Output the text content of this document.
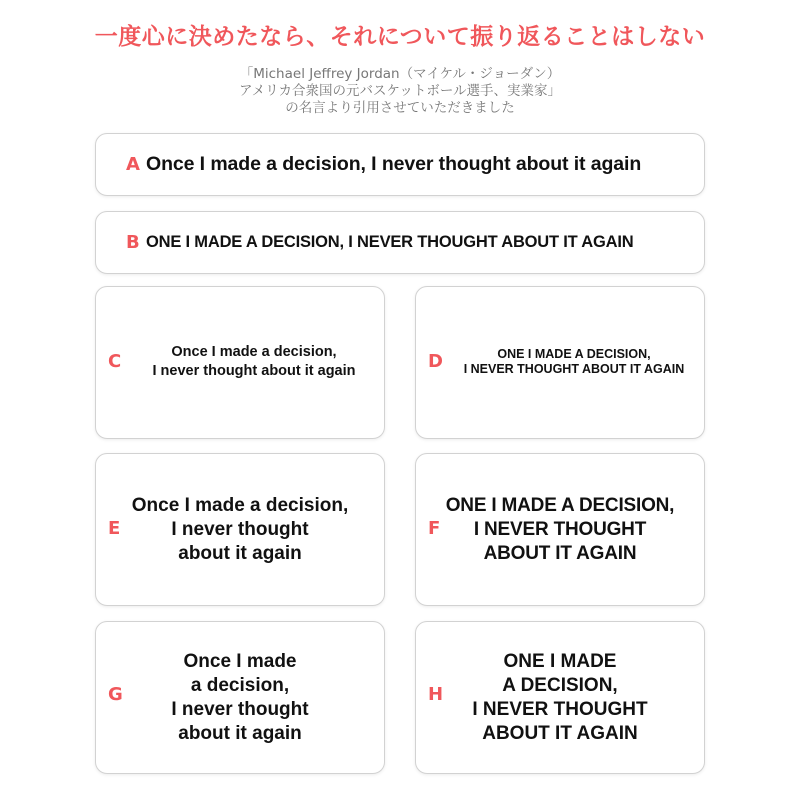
一度心に決めたなら、それについて振り返ることはしない
「Michael Jeffrey Jordan（マイケル・ジョーダン）
アメリカ合衆国の元バスケットボール選手、実業家」
の名言より引用させていただきました
A Once I made a decision, I never thought about it again
B ONE I MADE A DECISION, I NEVER THOUGHT ABOUT IT AGAIN
C	Once I made a decision,
I never thought about it again	D	ONE I MADE A DECISION,
I NEVER THOUGHT ABOUT IT AGAIN
E
Once I made a decision,
I never thought
about it again
F
ONE I MADE A DECISION,
I NEVER THOUGHT
ABOUT IT AGAIN
G
Once I made
a decision,
I never thought
about it again
H
ONE I MADE
A DECISION,
I NEVER THOUGHT
ABOUT IT AGAIN
